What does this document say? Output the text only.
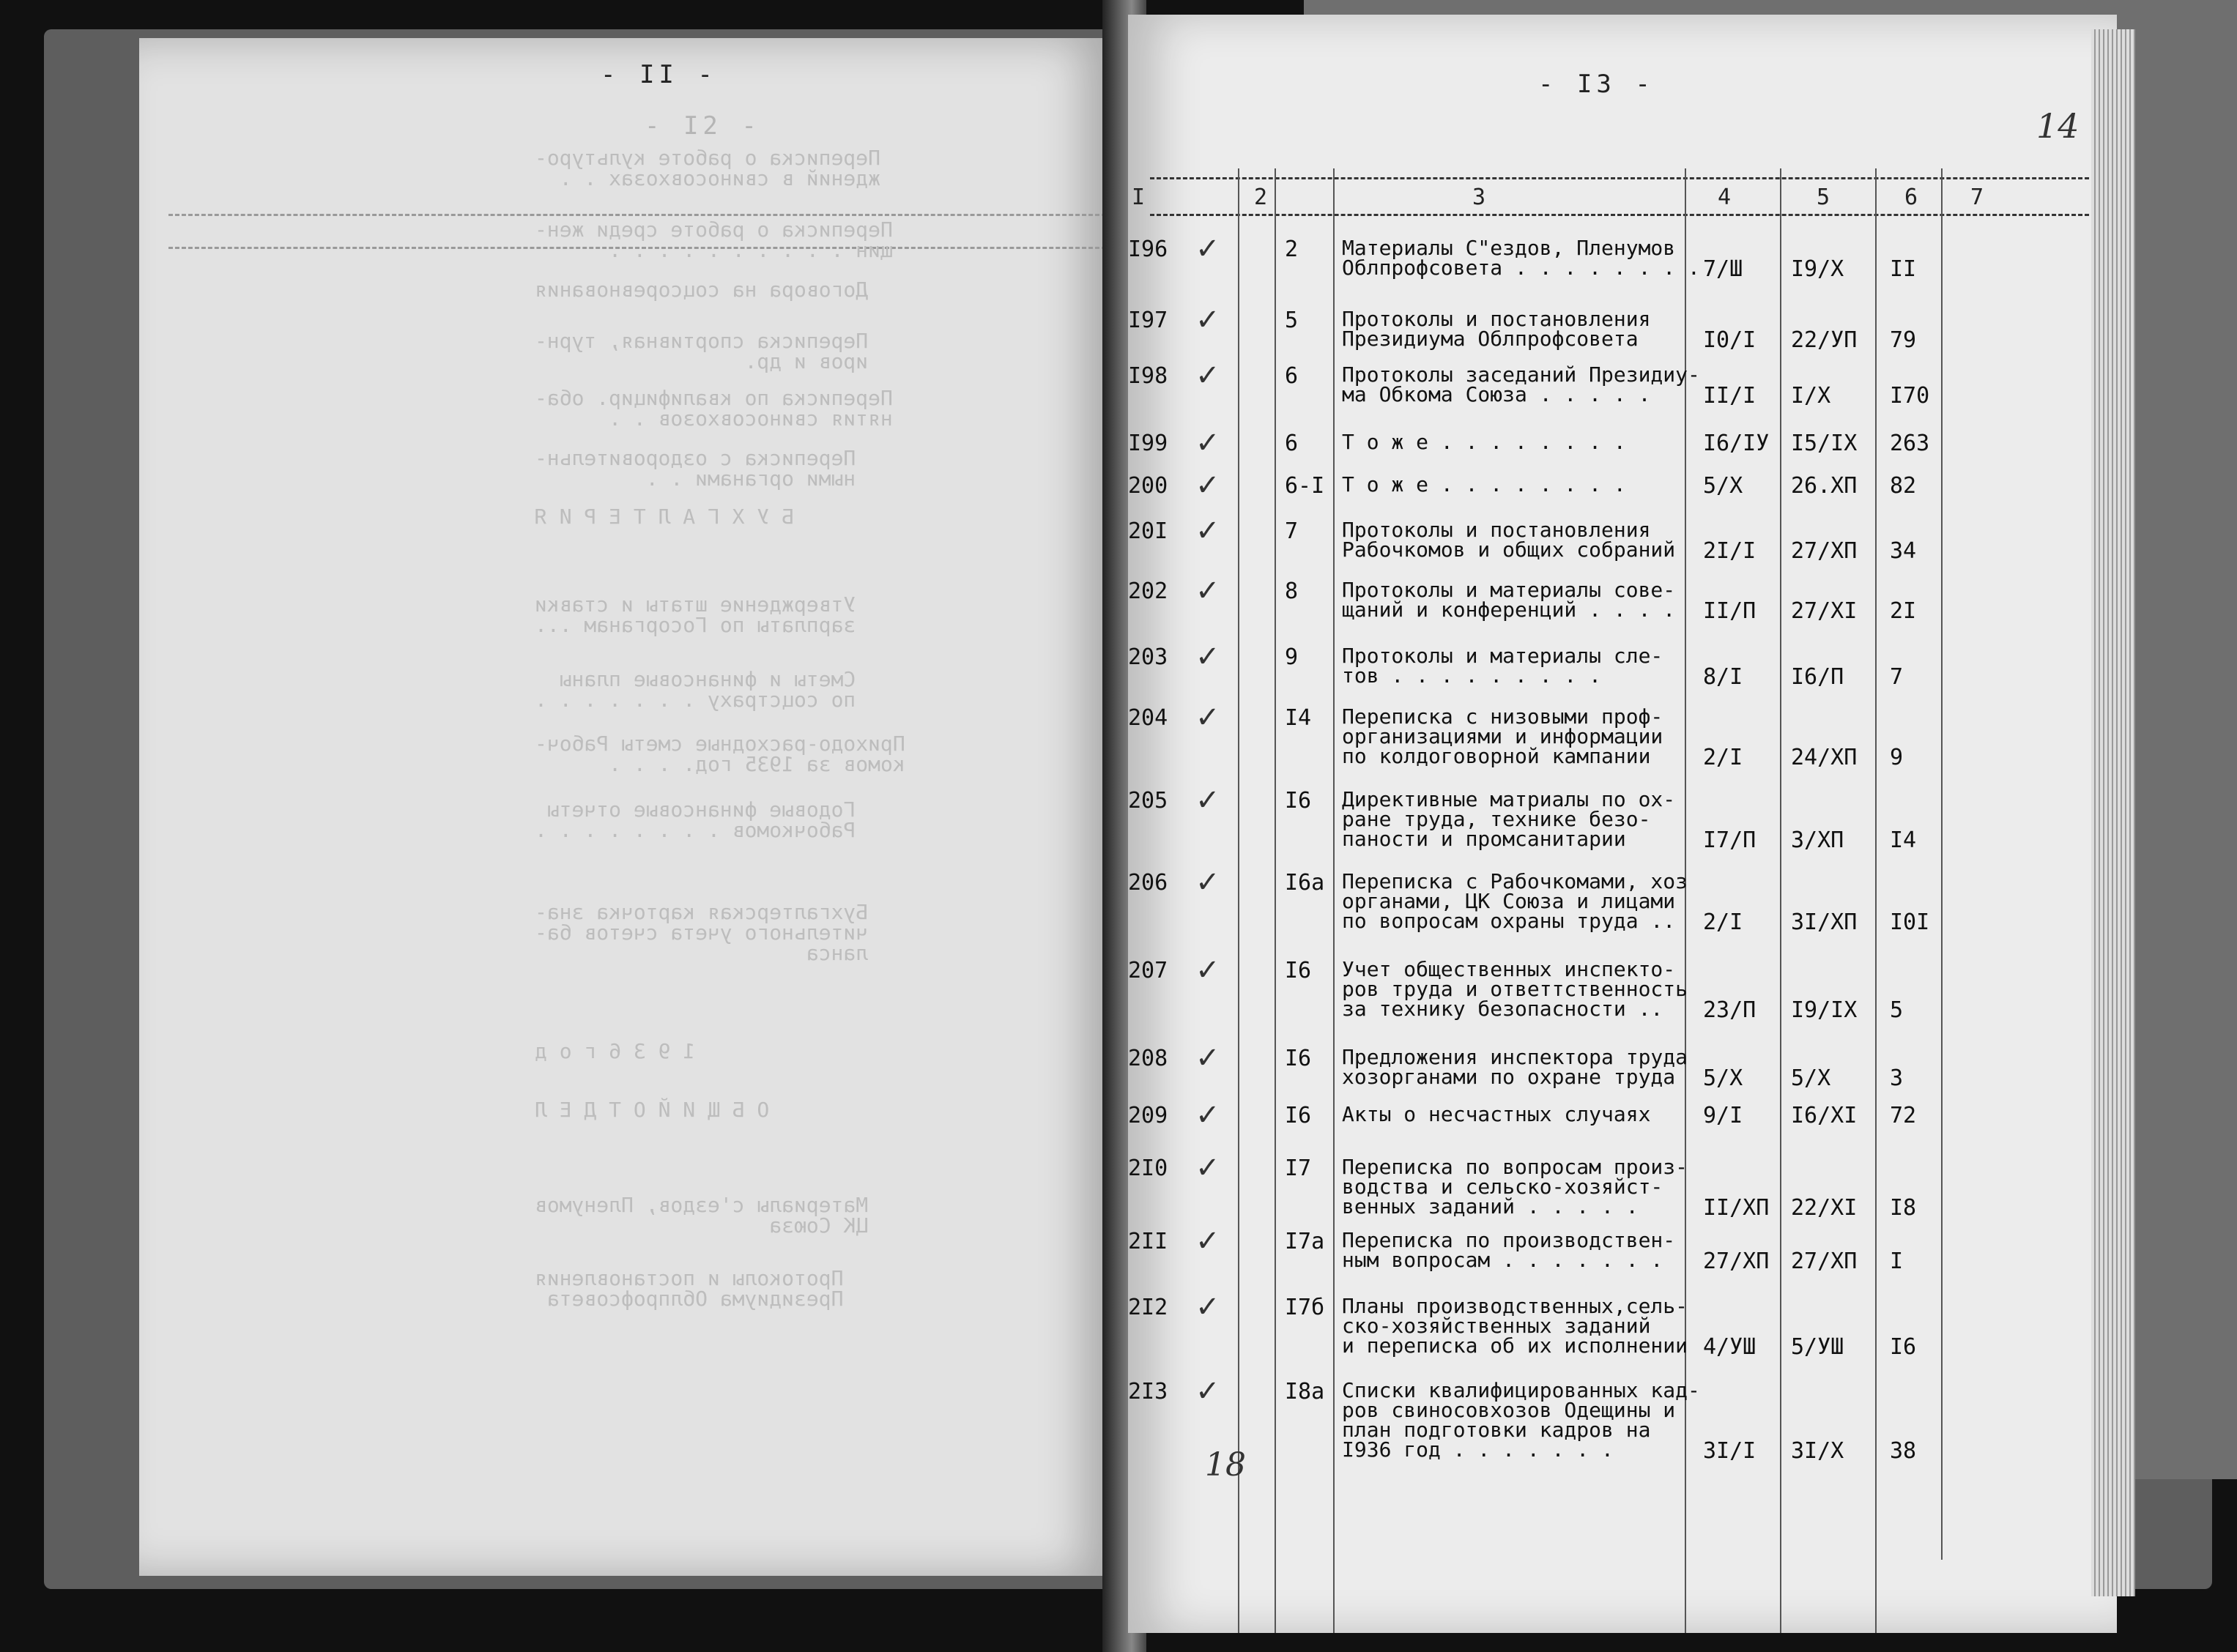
- II -
- I2 -
Переписка о работе культуро-
ждений в свиносовхозах . .
Переписка о работе среди жен-
щин . . . . . . . . . .
Договора на соцсоревнования
Переписка спортивная, турн-
иров и др.
Переписка по квалифицир. оба-
нятия свиносовхозов . .
Переписка с оздоровительн-
ными органами . .
Б У Х Г А Л Т Е Р И Я
Утверждение штаты и ставки
зарплаты по Госорганам ...
Сметы и финансовые планы
по соцстраху . . . . . . .
Приходо-расходные сметы Рабоч-
комов за 1935 год. . . .
Годовые финансовые отчеты
Рабочкомов . . . . . . . .
Бухгалтерская карточка зна-
чительного учета счетов ба-
ланса
1 9 3 6 г о д
О Б Щ И Й О Т Д Е Л
Материалы с'ездов, Пленумов
ЦК Союза
Протоколы и постановления
Президиума Облпрофсовета
- I3 -
14
I	2	3	4	5	6 7
I96 ✓	2 Материалы С"ездов, Пленумов
Облпрофсовета . . . . . . . . 7/Ш I9/X II
I97 ✓	5 Протоколы и постановления
Президиума Облпрофсовета	I0/I 22/УП 79
I98 ✓	6 Протоколы заседаний Президиу-
ма Обкома Союза . . . . .	II/I I/X	I70
I99 ✓	6 Т о ж е . . . . . . . .	I6/IУ I5/IX 263
200 ✓	6-I Т о ж е . . . . . . . .	5/X 26.XП 82
20I ✓	7 Протоколы и постановления
Рабочкомов и общих собраний 2I/I 27/XП 34
202 ✓	8 Протоколы и материалы сове-
щаний и конференций . . . . II/П 27/XI 2I
203 ✓	9 Протоколы и материалы сле-
тов . . . . . . . . .	8/I I6/П 7
204 ✓	I4 Переписка с низовыми проф-
организациями и информации
по колдоговорной кампании	2/I 24/XП 9
205 ✓	I6 Директивные матриалы по ох-
ране труда, технике безо-
паности и промсанитарии	I7/П 3/XП I4
206 ✓	I6а Переписка с Рабочкомами, хоз
органами, ЦК Союза и лицами
по вопросам охраны труда ..	2/I 3I/XП I0I
207 ✓	I6 Учет общественных инспекто-
ров труда и ответтственность
за технику безопасности ..	23/П I9/IX 5
208 ✓	I6 Предложения инспектора труда
хозорганами по охране труда	5/X 5/X	3
209 ✓	I6 Акты о несчастных случаях 9/I I6/XI 72
2I0 ✓	I7 Переписка по вопросам произ-
водства и сельско-хозяйст-
венных заданий . . . . .	II/XП 22/XI I8
2II ✓	I7а Переписка по производствен-
ным вопросам . . . . . . .	27/XП 27/XП I
2I2 ✓	I7б Планы производственных,сель-
ско-хозяйственных заданий
и переписка об их исполнении 4/УШ 5/УШ I6
2I3 ✓	I8а Списки квалифицированных кад-
ров свиносовхозов Одещины и
план подготовки кадров на
I936 год . . . . . . .	3I/I 3I/X 38
18
